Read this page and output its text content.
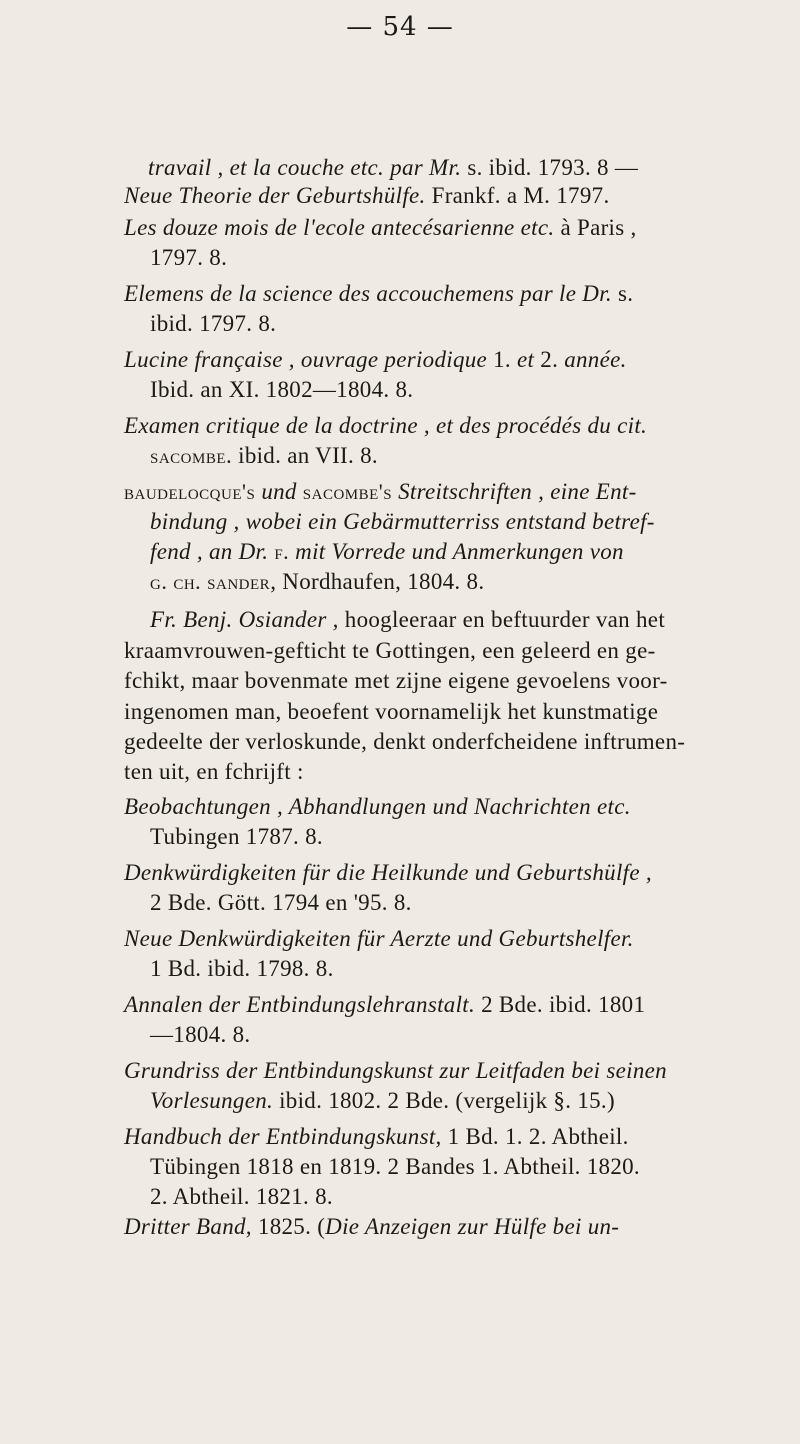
— 54 —
travail , et la couche etc. par Mr. s. ibid. 1793. 8 —
Neue Theorie der Geburtshülfe. Frankf. a M. 1797.
Les douze mois de l'ecole antecésarienne etc. à Paris ,
1797. 8.
Elemens de la science des accouchemens par le Dr. s.
ibid. 1797. 8.
Lucine française , ouvrage periodique 1. et 2. année.
Ibid. an XI. 1802—1804. 8.
Examen critique de la doctrine , et des procédés du cit.
sacombe. ibid. an VII. 8.
baudelocque's und sacombe's Streitschriften , eine Ent-
bindung , wobei ein Gebärmutterriss entstand betref-
fend , an Dr. f. mit Vorrede und Anmerkungen von
g. ch. sander, Nordhaufen, 1804. 8.
Fr. Benj. Osiander , hoogleeraar en beftuurder van het
kraamvrouwen-gefticht te Gottingen, een geleerd en ge-
fchikt, maar bovenmate met zijne eigene gevoelens voor-
ingenomen man, beoefent voornamelijk het kunstmatige
gedeelte der verloskunde, denkt onderfcheidene inftrumen-
ten uit, en fchrijft :
Beobachtungen , Abhandlungen und Nachrichten etc.
Tubingen 1787. 8.
Denkwürdigkeiten für die Heilkunde und Geburtshülfe ,
2 Bde. Gött. 1794 en '95. 8.
Neue Denkwürdigkeiten für Aerzte und Geburtshelfer.
1 Bd. ibid. 1798. 8.
Annalen der Entbindungslehranstalt. 2 Bde. ibid. 1801
—1804. 8.
Grundriss der Entbindungskunst zur Leitfaden bei seinen
Vorlesungen. ibid. 1802. 2 Bde. (vergelijk §. 15.)
Handbuch der Entbindungskunst, 1 Bd. 1. 2. Abtheil.
Tübingen 1818 en 1819. 2 Bandes 1. Abtheil. 1820.
2. Abtheil. 1821. 8.
Dritter Band, 1825. (Die Anzeigen zur Hülfe bei un-
